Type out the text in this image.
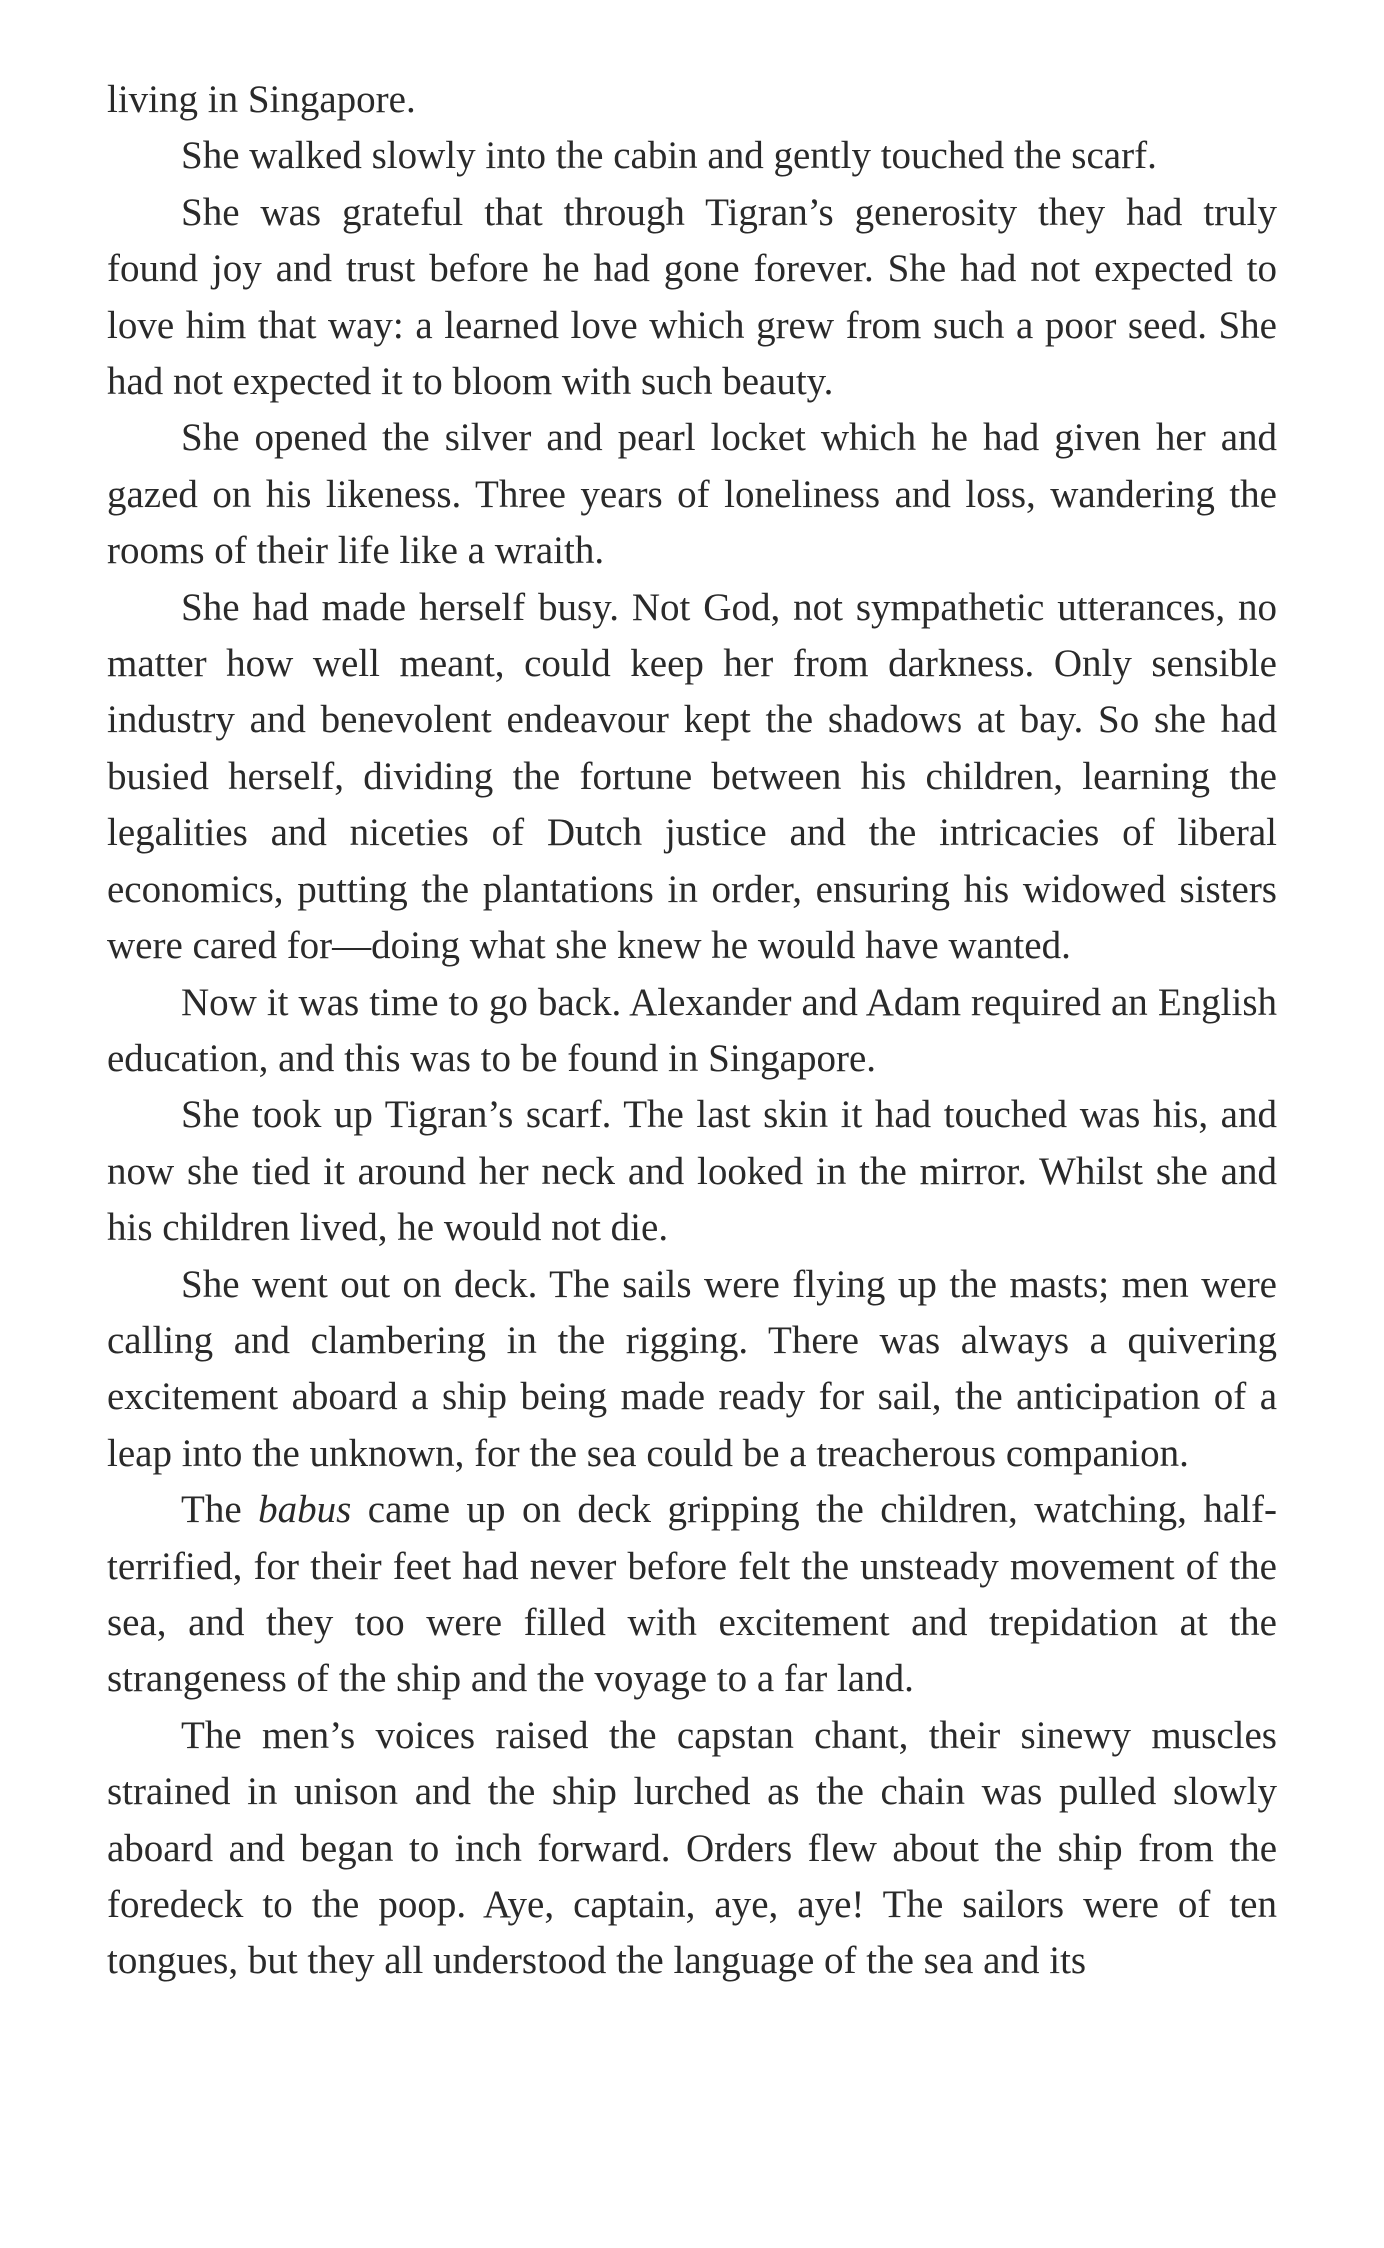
living in Singapore.

She walked slowly into the cabin and gently touched the scarf.

She was grateful that through Tigran’s generosity they had truly found joy and trust before he had gone forever. She had not expected to love him that way: a learned love which grew from such a poor seed. She had not expected it to bloom with such beauty.

She opened the silver and pearl locket which he had given her and gazed on his likeness. Three years of loneliness and loss, wandering the rooms of their life like a wraith.

She had made herself busy. Not God, not sympathetic utterances, no matter how well meant, could keep her from darkness. Only sensible industry and benevolent endeavour kept the shadows at bay. So she had busied herself, dividing the fortune between his children, learning the legalities and niceties of Dutch justice and the intricacies of liberal economics, putting the plantations in order, ensuring his widowed sisters were cared for—doing what she knew he would have wanted.

Now it was time to go back. Alexander and Adam required an English education, and this was to be found in Singapore.

She took up Tigran’s scarf. The last skin it had touched was his, and now she tied it around her neck and looked in the mirror. Whilst she and his children lived, he would not die.

She went out on deck. The sails were flying up the masts; men were calling and clambering in the rigging. There was always a quivering excitement aboard a ship being made ready for sail, the anticipation of a leap into the unknown, for the sea could be a treacherous companion.

The babus came up on deck gripping the children, watching, half-terrified, for their feet had never before felt the unsteady movement of the sea, and they too were filled with excitement and trepidation at the strangeness of the ship and the voyage to a far land.

The men’s voices raised the capstan chant, their sinewy muscles strained in unison and the ship lurched as the chain was pulled slowly aboard and began to inch forward. Orders flew about the ship from the foredeck to the poop. Aye, captain, aye, aye! The sailors were of ten tongues, but they all understood the language of the sea and its
